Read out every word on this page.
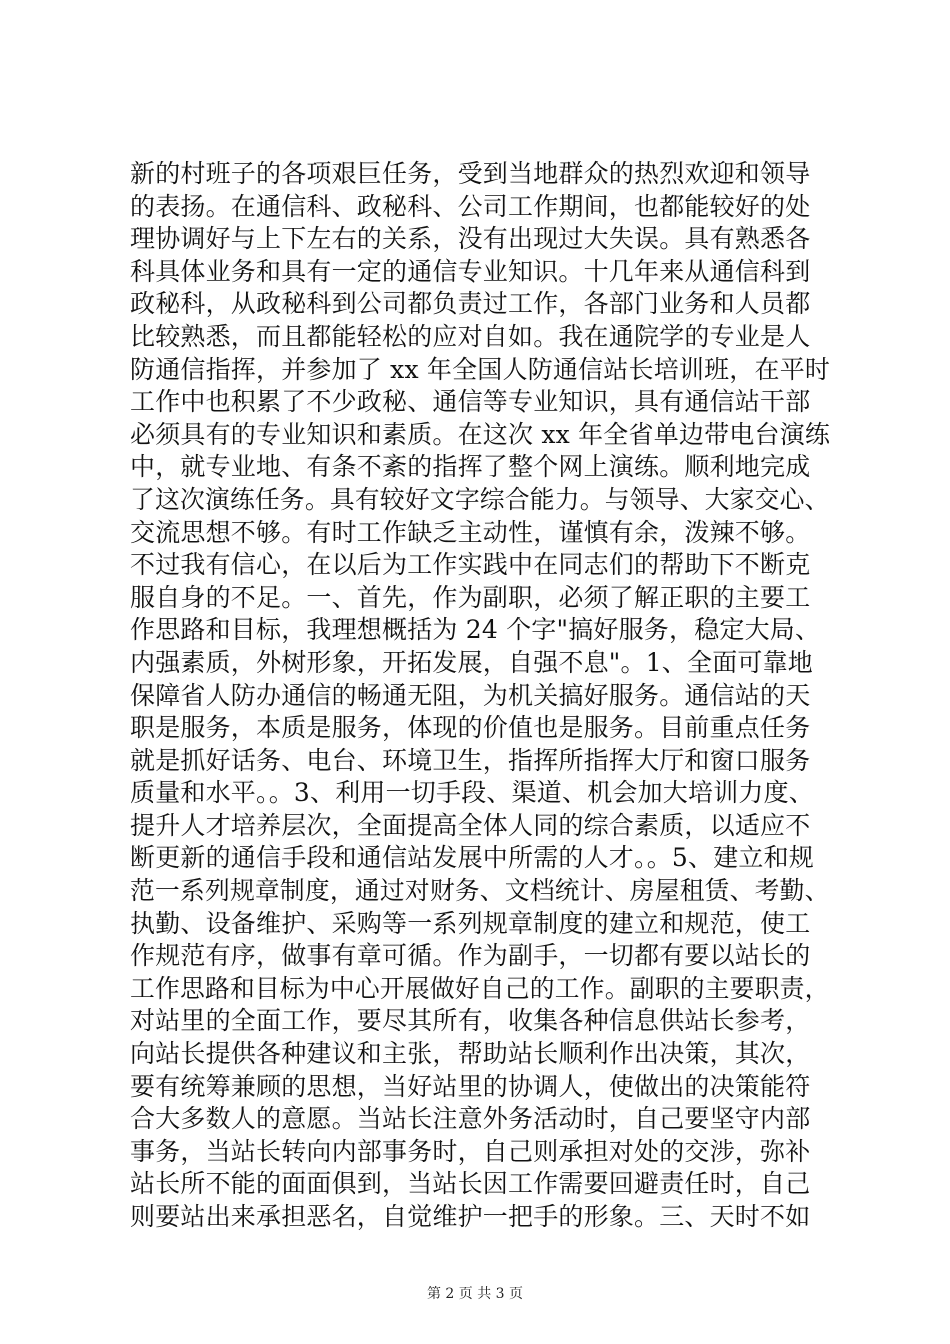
新的村班子的各项艰巨任务，受到当地群众的热烈欢迎和领导
的表扬。在通信科、政秘科、公司工作期间，也都能较好的处
理协调好与上下左右的关系，没有出现过大失误。具有熟悉各
科具体业务和具有一定的通信专业知识。十几年来从通信科到
政秘科，从政秘科到公司都负责过工作，各部门业务和人员都
比较熟悉，而且都能轻松的应对自如。我在通院学的专业是人
防通信指挥，并参加了 xx 年全国人防通信站长培训班，在平时
工作中也积累了不少政秘、通信等专业知识，具有通信站干部
必须具有的专业知识和素质。在这次 xx 年全省单边带电台演练
中，就专业地、有条不紊的指挥了整个网上演练。顺利地完成
了这次演练任务。具有较好文字综合能力。与领导、大家交心、
交流思想不够。有时工作缺乏主动性，谨慎有余，泼辣不够。
不过我有信心，在以后为工作实践中在同志们的帮助下不断克
服自身的不足。一、首先，作为副职，必须了解正职的主要工
作思路和目标，我理想概括为 24 个字"搞好服务，稳定大局、
内强素质，外树形象，开拓发展，自强不息"。1、全面可靠地
保障省人防办通信的畅通无阻，为机关搞好服务。通信站的天
职是服务，本质是服务，体现的价值也是服务。目前重点任务
就是抓好话务、电台、环境卫生，指挥所指挥大厅和窗口服务
质量和水平。。3、利用一切手段、渠道、机会加大培训力度、
提升人才培养层次，全面提高全体人同的综合素质，以适应不
断更新的通信手段和通信站发展中所需的人才。。5、建立和规
范一系列规章制度，通过对财务、文档统计、房屋租赁、考勤、
执勤、设备维护、采购等一系列规章制度的建立和规范，使工
作规范有序，做事有章可循。作为副手，一切都有要以站长的
工作思路和目标为中心开展做好自己的工作。副职的主要职责，
对站里的全面工作，要尽其所有，收集各种信息供站长参考，
向站长提供各种建议和主张，帮助站长顺利作出决策，其次，
要有统筹兼顾的思想，当好站里的协调人，使做出的决策能符
合大多数人的意愿。当站长注意外务活动时，自己要坚守内部
事务，当站长转向内部事务时，自己则承担对处的交涉，弥补
站长所不能的面面俱到，当站长因工作需要回避责任时，自己
则要站出来承担恶名，自觉维护一把手的形象。三、天时不如
第 2 页 共 3 页
